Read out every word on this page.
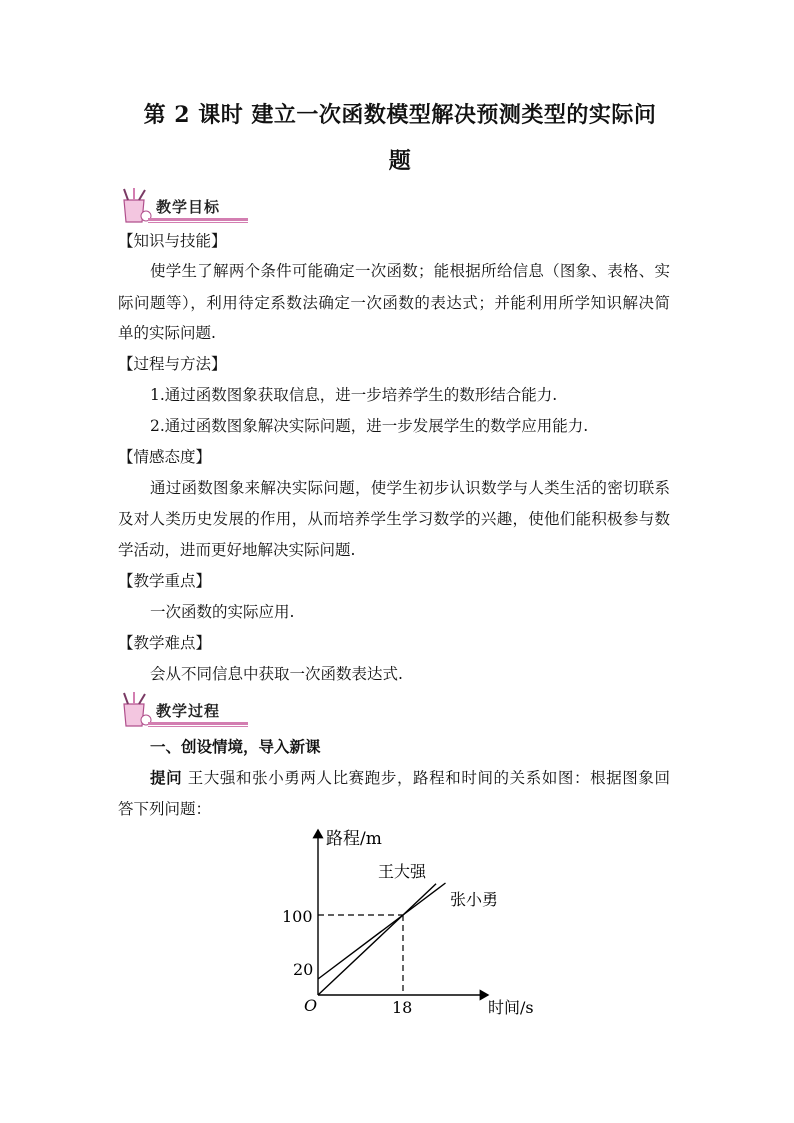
第 2 课时 建立一次函数模型解决预测类型的实际问
题
教学目标
【知识与技能】
使学生了解两个条件可能确定一次函数；能根据所给信息（图象、表格、实
际问题等），利用待定系数法确定一次函数的表达式；并能利用所学知识解决简
单的实际问题.
【过程与方法】
1.通过函数图象获取信息，进一步培养学生的数形结合能力.
2.通过函数图象解决实际问题，进一步发展学生的数学应用能力.
【情感态度】
通过函数图象来解决实际问题，使学生初步认识数学与人类生活的密切联系
及对人类历史发展的作用，从而培养学生学习数学的兴趣，使他们能积极参与数
学活动，进而更好地解决实际问题.
【教学重点】
一次函数的实际应用.
【教学难点】
会从不同信息中获取一次函数表达式.
教学过程
一、创设情境，导入新课
提问 王大强和张小勇两人比赛跑步，路程和时间的关系如图：根据图象回
答下列问题：
路程/m
时间/s
O
100
20
18
王大强
张小勇
